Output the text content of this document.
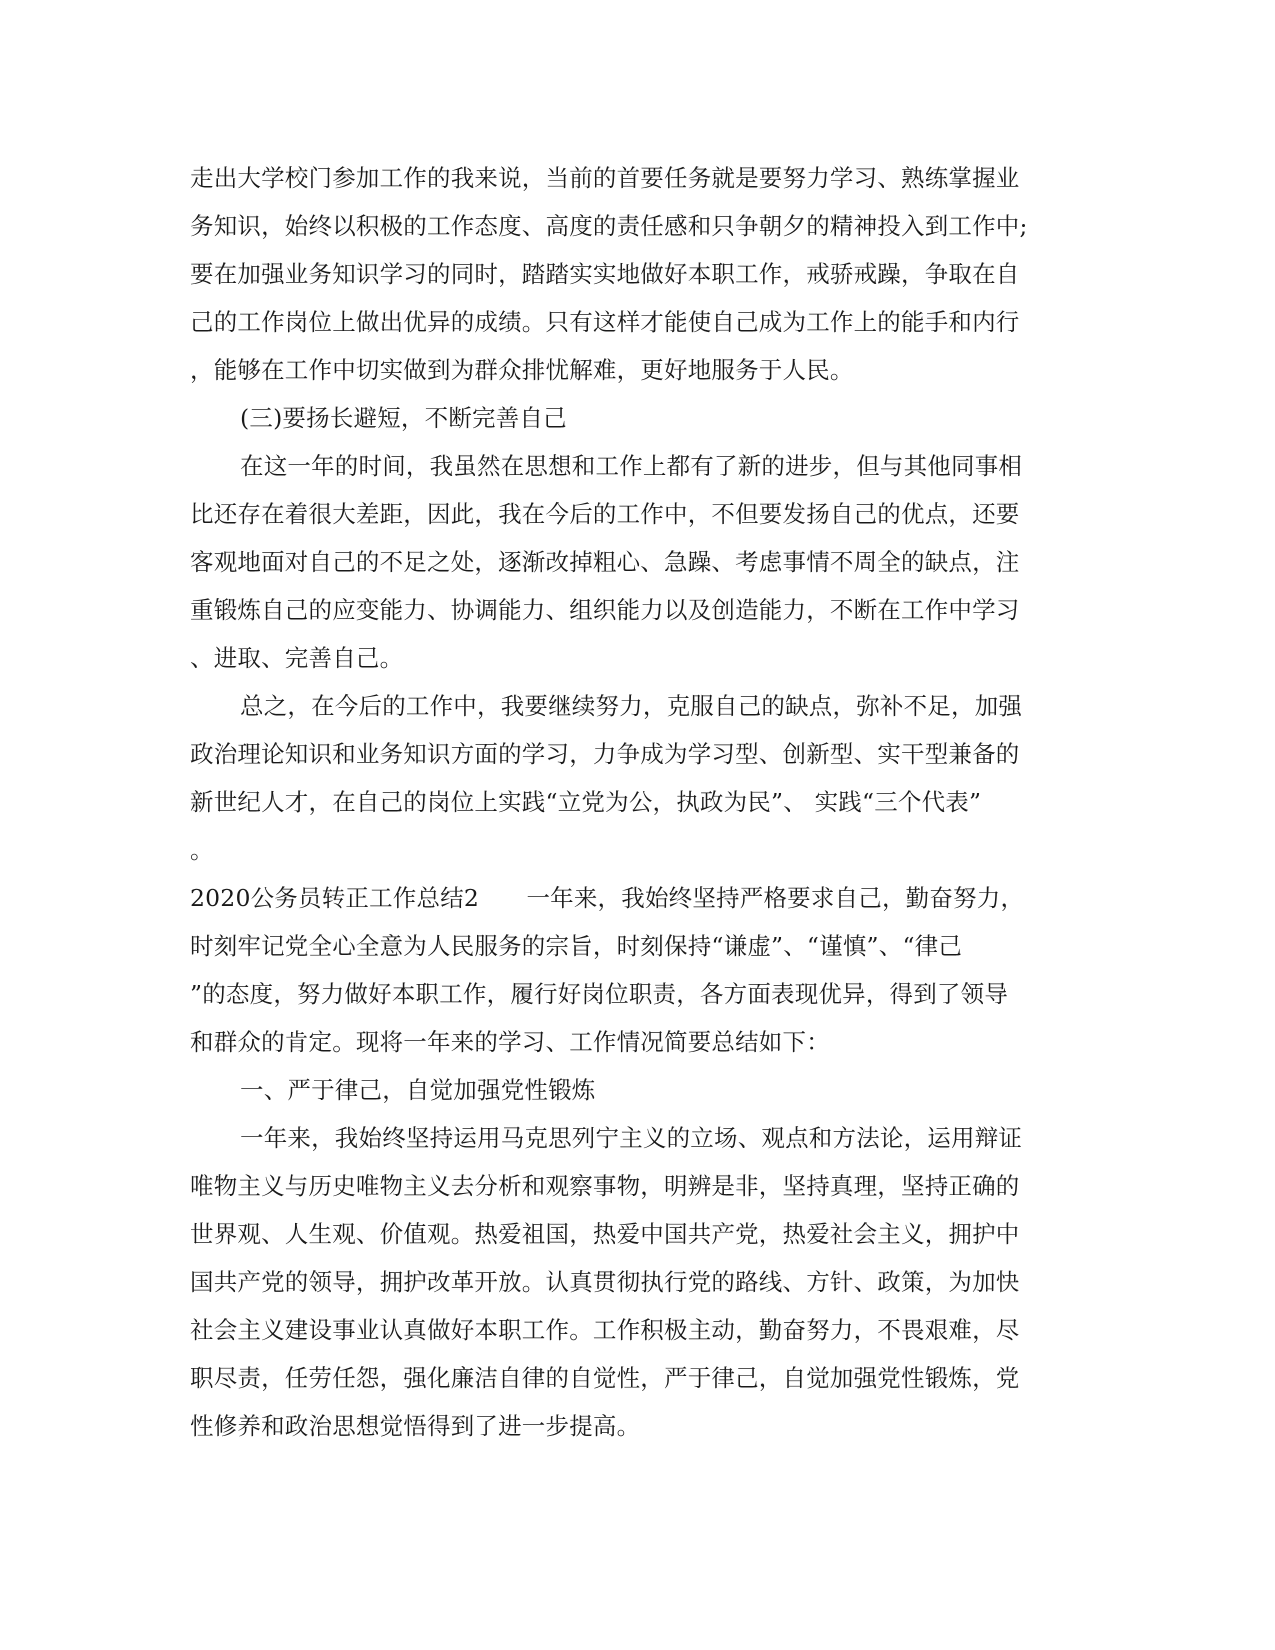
走出大学校门参加工作的我来说，当前的首要任务就是要努力学习、熟练掌握业
务知识，始终以积极的工作态度、高度的责任感和只争朝夕的精神投入到工作中;
要在加强业务知识学习的同时，踏踏实实地做好本职工作，戒骄戒躁，争取在自
己的工作岗位上做出优异的成绩。只有这样才能使自己成为工作上的能手和内行
，能够在工作中切实做到为群众排忧解难，更好地服务于人民。
(三)要扬长避短，不断完善自己
在这一年的时间，我虽然在思想和工作上都有了新的进步，但与其他同事相
比还存在着很大差距，因此，我在今后的工作中，不但要发扬自己的优点，还要
客观地面对自己的不足之处，逐渐改掉粗心、急躁、考虑事情不周全的缺点，注
重锻炼自己的应变能力、协调能力、组织能力以及创造能力，不断在工作中学习
、进取、完善自己。
总之，在今后的工作中，我要继续努力，克服自己的缺点，弥补不足，加强
政治理论知识和业务知识方面的学习，力争成为学习型、创新型、实干型兼备的
新世纪人才，在自己的岗位上实践“立党为公，执政为民”、 实践“三个代表”
。
2020公务员转正工作总结2　　一年来，我始终坚持严格要求自己，勤奋努力，
时刻牢记党全心全意为人民服务的宗旨，时刻保持“谦虚”、“谨慎”、“律己
”的态度，努力做好本职工作，履行好岗位职责，各方面表现优异，得到了领导
和群众的肯定。现将一年来的学习、工作情况简要总结如下：
一、严于律己，自觉加强党性锻炼
一年来，我始终坚持运用马克思列宁主义的立场、观点和方法论，运用辩证
唯物主义与历史唯物主义去分析和观察事物，明辨是非，坚持真理，坚持正确的
世界观、人生观、价值观。热爱祖国，热爱中国共产党，热爱社会主义，拥护中
国共产党的领导，拥护改革开放。认真贯彻执行党的路线、方针、政策，为加快
社会主义建设事业认真做好本职工作。工作积极主动，勤奋努力，不畏艰难，尽
职尽责，任劳任怨，强化廉洁自律的自觉性，严于律己，自觉加强党性锻炼，党
性修养和政治思想觉悟得到了进一步提高。
